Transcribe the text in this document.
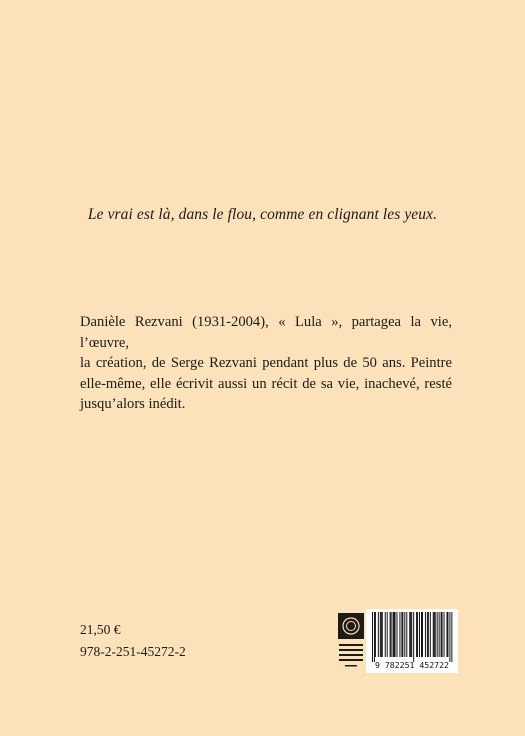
Le vrai est là, dans le flou, comme en clignant les yeux.
Danièle Rezvani (1931-2004), « Lula », partagea la vie, l’œuvre,
la création, de Serge Rezvani pendant plus de 50 ans. Peintre
elle-même, elle écrivit aussi un récit de sa vie, inachevé, resté
jusqu’alors inédit.
21,50 €
978-2-251-45272-2
9 782251 452722
